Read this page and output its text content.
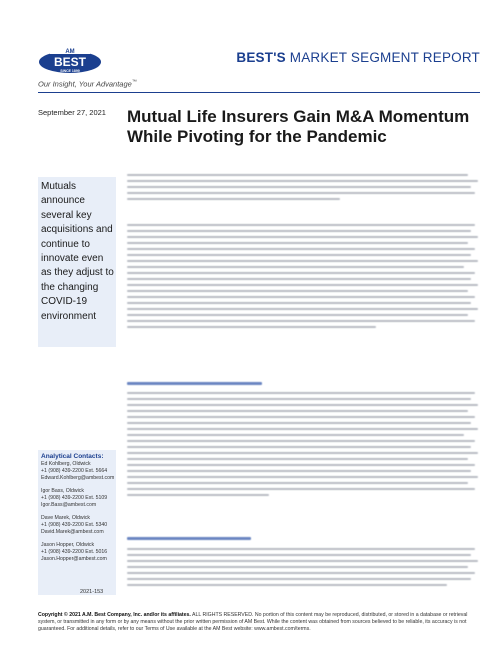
AM
BEST
SINCE 1899
BEST'S MARKET SEGMENT REPORT
Our Insight, Your Advantage™
September 27, 2021
Mutuals announce several key acquisitions and continue to innovate even as they adjust to the changing COVID-19 environment
Analytical Contacts:
Ed Kohlberg, Oldwick
+1 (908) 439-2200 Ext. 5664
Edward.Kohlberg@ambest.com
Igor Bass, Oldwick
+1 (908) 439-2200 Ext. 5109
Igor.Bass@ambest.com
Dave Marek, Oldwick
+1 (908) 439-2200 Ext. 5340
David.Marek@ambest.com
Jason Hopper, Oldwick
+1 (908) 439-2200 Ext. 5016
Jason.Hopper@ambest.com
2021-153
Mutual Life Insurers Gain M&A Momentum While Pivoting for the Pandemic
Copyright © 2021 A.M. Best Company, Inc. and/or its affiliates. ALL RIGHTS RESERVED. No portion of this content may be reproduced, distributed, or stored in a database or retrieval system, or transmitted in any form or by any means without the prior written permission of AM Best. While the content was obtained from sources believed to be reliable, its accuracy is not guaranteed. For additional details, refer to our Terms of Use available at the AM Best website: www.ambest.com/terms.
